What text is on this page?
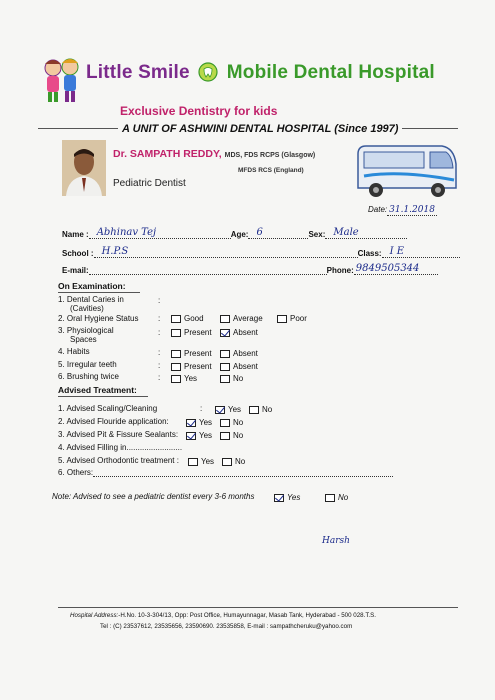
Little Smile Mobile Dental Hospital
Exclusive Dentistry for kids
A UNIT OF ASHWINI DENTAL HOSPITAL (Since 1997)
Dr. SAMPATH REDDY, MDS, FDS RCPS (Glasgow)
MFDS RCS (England)
Pediatric Dentist
Date: 31.1.2018
Name : Abhinav Tej	Age: 6	Sex: Male
School : H.P.S	Class: I E
E-mail:	Phone: 9849505344
On Examination:
1. Dental Caries in
(Cavities)
:
2. Oral Hygiene Status :	Good	Average	Poor
3. Physiological
Spaces
:	Present	Absent
4. Habits	:	Present	Absent
5. Irregular teeth	:	Present	Absent
6. Brushing twice	:	Yes	No
Advised Treatment:
1. Advised Scaling/Cleaning	:	Yes	No
2. Advised Flouride application:	Yes	No
3. Advised Pit & Fissure Sealants:	Yes	No
4. Advised Filling in.........................
5. Advised Orthodontic treatment :	Yes	No
6. Others:
Note: Advised to see a pediatric dentist every 3-6 months	Yes	No
Harsh
Hospital Address:-H.No. 10-3-304/13, Opp: Post Office, Humayunnagar, Masab Tank, Hyderabad - 500 028.T.S.
Tel : (C) 23537612, 23535656, 23590690. 23535858, E-mail : sampathcheruku@yahoo.com
